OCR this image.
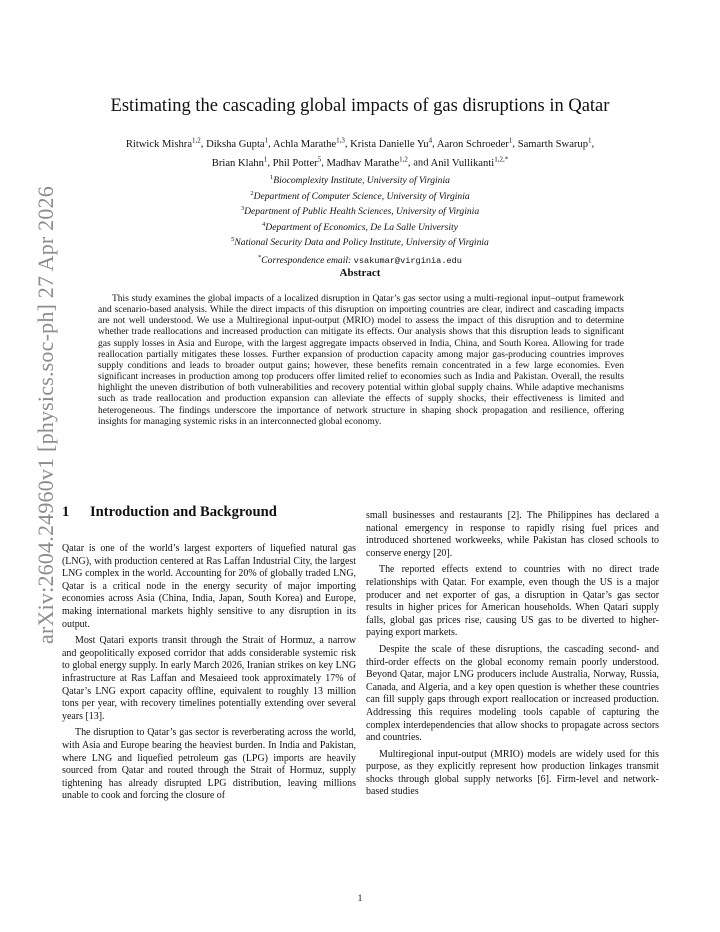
arXiv:2604.24960v1 [physics.soc-ph] 27 Apr 2026
Estimating the cascading global impacts of gas disruptions in Qatar
Ritwick Mishra$^{1,2}$, Diksha Gupta$^1$, Achla Marathe$^{1,3}$, Krista Danielle Yu$^4$, Aaron Schroeder$^1$, Samarth Swarup$^1$,
Brian Klahn$^1$, Phil Potter$^5$, Madhav Marathe$^{1,2}$, and Anil Vullikanti$^{1,2,*}$
$^1$Biocomplexity Institute, University of Virginia
$^2$Department of Computer Science, University of Virginia
$^3$Department of Public Health Sciences, University of Virginia
$^4$Department of Economics, De La Salle University
$^5$National Security Data and Policy Institute, University of Virginia
*Correspondence email: vsakumar@virginia.edu
Abstract

This study examines the global impacts of a localized disruption in Qatar’s gas sector using a multi-regional input–output framework and scenario-based analysis. While the direct impacts of this disruption on importing countries are clear, indirect and cascading impacts are not well understood. We use a Multiregional input-output (MRIO) model to assess the impact of this disruption and to determine whether trade reallocations and increased production can mitigate its effects. Our analysis shows that this disruption leads to significant gas supply losses in Asia and Europe, with the largest aggregate impacts observed in India, China, and South Korea. Allowing for trade reallocation partially mitigates these losses. Further expansion of production capacity among major gas-producing countries improves supply conditions and leads to broader output gains; however, these benefits remain concentrated in a few large economies. Even significant increases in production among top producers offer limited relief to economies such as India and Pakistan. Overall, the results highlight the uneven distribution of both vulnerabilities and recovery potential within global supply chains. While adaptive mechanisms such as trade reallocation and production expansion can alleviate the effects of supply shocks, their effectiveness is limited and heterogeneous. The findings underscore the importance of network structure in shaping shock propagation and resilience, offering insights for managing systemic risks in an interconnected global economy.

1 Introduction and Background

Qatar is one of the world’s largest exporters of liquefied natural gas (LNG), with production centered at Ras Laffan Industrial City, the largest LNG complex in the world. Accounting for 20% of globally traded LNG, Qatar is a critical node in the energy security of major importing economies across Asia (China, India, Japan, South Korea) and Europe, making international markets highly sensitive to any disruption in its output.

Most Qatari exports transit through the Strait of Hormuz, a narrow and geopolitically exposed corridor that adds considerable systemic risk to global energy supply. In early March 2026, Iranian strikes on key LNG infrastructure at Ras Laffan and Mesaieed took approximately 17% of Qatar’s LNG export capacity offline, equivalent to roughly 13 million tons per year, with recovery timelines potentially extending over several years [13].

The disruption to Qatar’s gas sector is reverberating across the world, with Asia and Europe bearing the heaviest burden. In India and Pakistan, where LNG and liquefied petroleum gas (LPG) imports are heavily sourced from Qatar and routed through the Strait of Hormuz, supply tightening has already disrupted LPG distribution, leaving millions unable to cook and forcing the closure of

small businesses and restaurants [2]. The Philippines has declared a national emergency in response to rapidly rising fuel prices and introduced shortened workweeks, while Pakistan has closed schools to conserve energy [20].

The reported effects extend to countries with no direct trade relationships with Qatar. For example, even though the US is a major producer and net exporter of gas, a disruption in Qatar’s gas sector results in higher prices for American households. When Qatari supply falls, global gas prices rise, causing US gas to be diverted to higher-paying export markets.

Despite the scale of these disruptions, the cascading second- and third-order effects on the global economy remain poorly understood. Beyond Qatar, major LNG producers include Australia, Norway, Russia, Canada, and Algeria, and a key open question is whether these countries can fill supply gaps through export reallocation or increased production. Addressing this requires modeling tools capable of capturing the complex interdependencies that allow shocks to propagate across sectors and countries.

Multiregional input-output (MRIO) models are widely used for this purpose, as they explicitly represent how production linkages transmit shocks through global supply networks [6]. Firm-level and network-based studies

1
